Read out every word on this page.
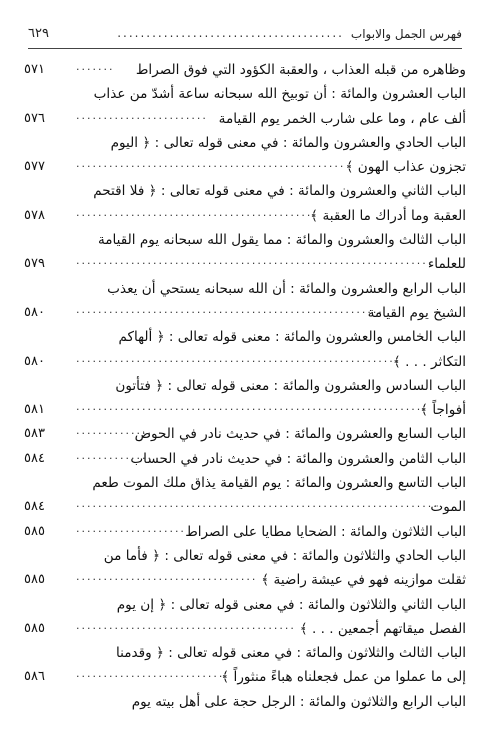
فهرس الجمل والابواب
.......................................
٦٢٩
وظاهره من قبله العذاب ، والعقبة الكؤود التي فوق الصراط
.......
٥٧١
الباب العشرون والمائة : أن توبيخ الله سبحانه ساعة أشدّ من عذاب
ألف عام ، وما على شارب الخمر يوم القيامة
........................
٥٧٦
الباب الحادي والعشرون والمائة : في معنى قوله تعالى : ﴿ اليوم
تجزون عذاب الهون ﴾
.................................................
٥٧٧
الباب الثاني والعشرون والمائة : في معنى قوله تعالى : ﴿ فلا اقتحم
العقبة وما أدراك ما العقبة ﴾
...........................................
٥٧٨
الباب الثالث والعشرون والمائة : مما يقول الله سبحانه يوم القيامة
للعلماء
.................................................................
٥٧٩
الباب الرابع والعشرون والمائة : أن الله سبحانه يستحي أن يعذب
الشيخ يوم القيامة
........................................................
٥٨٠
الباب الخامس والعشرون والمائة : معنى قوله تعالى : ﴿ ألهاكم
التكاثر . . . ﴾
...........................................................
٥٨٠
الباب السادس والعشرون والمائة : معنى قوله تعالى : ﴿ فتأتون
أفواجاً ﴾
................................................................
٥٨١
الباب السابع والعشرون والمائة : في حديث نادر في الحوض
..............
٥٨٣
الباب الثامن والعشرون والمائة : في حديث نادر في الحساب
..............
٥٨٤
الباب التاسع والعشرون والمائة : يوم القيامة يذاق ملك الموت طعم
الموت
...................................................................
٥٨٤
الباب الثلاثون والمائة : الضحايا مطايا على الصراط
....................
٥٨٥
الباب الحادي والثلاثون والمائة : في معنى قوله تعالى : ﴿ فأما من
ثقلت موازينه فهو في عيشة راضية ﴾
.................................
٥٨٥
الباب الثاني والثلاثون والمائة : في معنى قوله تعالى : ﴿ إن يوم
الفصل ميقاتهم أجمعين . . . ﴾
........................................
٥٨٥
الباب الثالث والثلاثون والمائة : في معنى قوله تعالى : ﴿ وقدمنا
إلى ما عملوا من عمل فجعلناه هباءً منثوراً ﴾
...........................
٥٨٦
الباب الرابع والثلاثون والمائة : الرجل حجة على أهل بيته يوم
